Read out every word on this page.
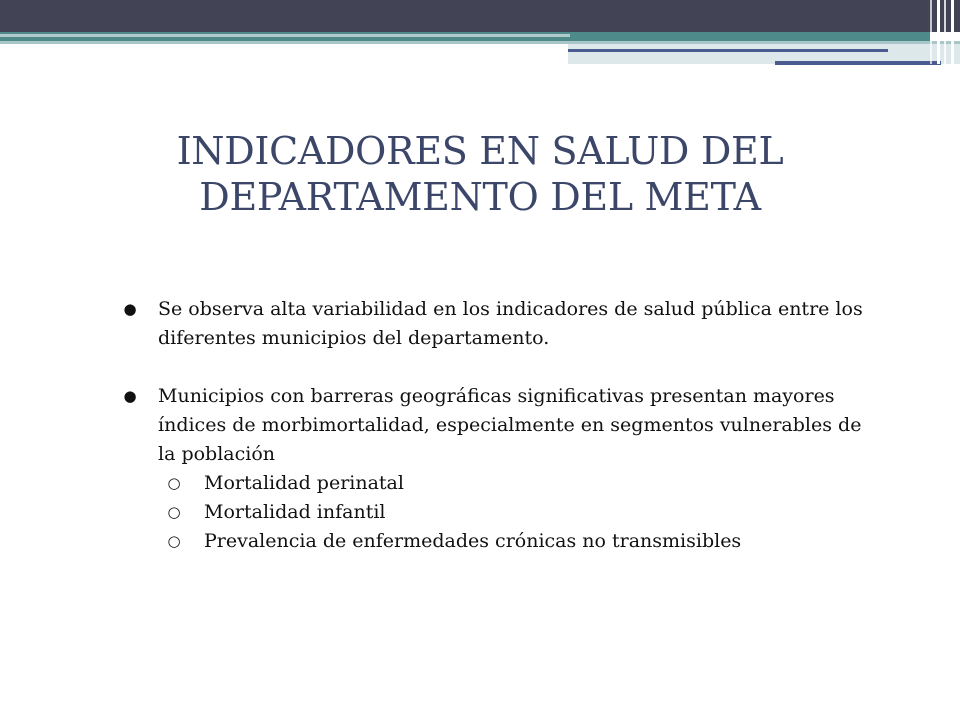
INDICADORES EN SALUD DEL
DEPARTAMENTO DEL META
● Se observa alta variabilidad en los indicadores de salud pública entre los diferentes municipios del departamento.
● Municipios con barreras geográficas significativas presentan mayores índices de morbimortalidad, especialmente en segmentos vulnerables de la población
○	Mortalidad perinatal
○	Mortalidad infantil
○	Prevalencia de enfermedades crónicas no transmisibles
